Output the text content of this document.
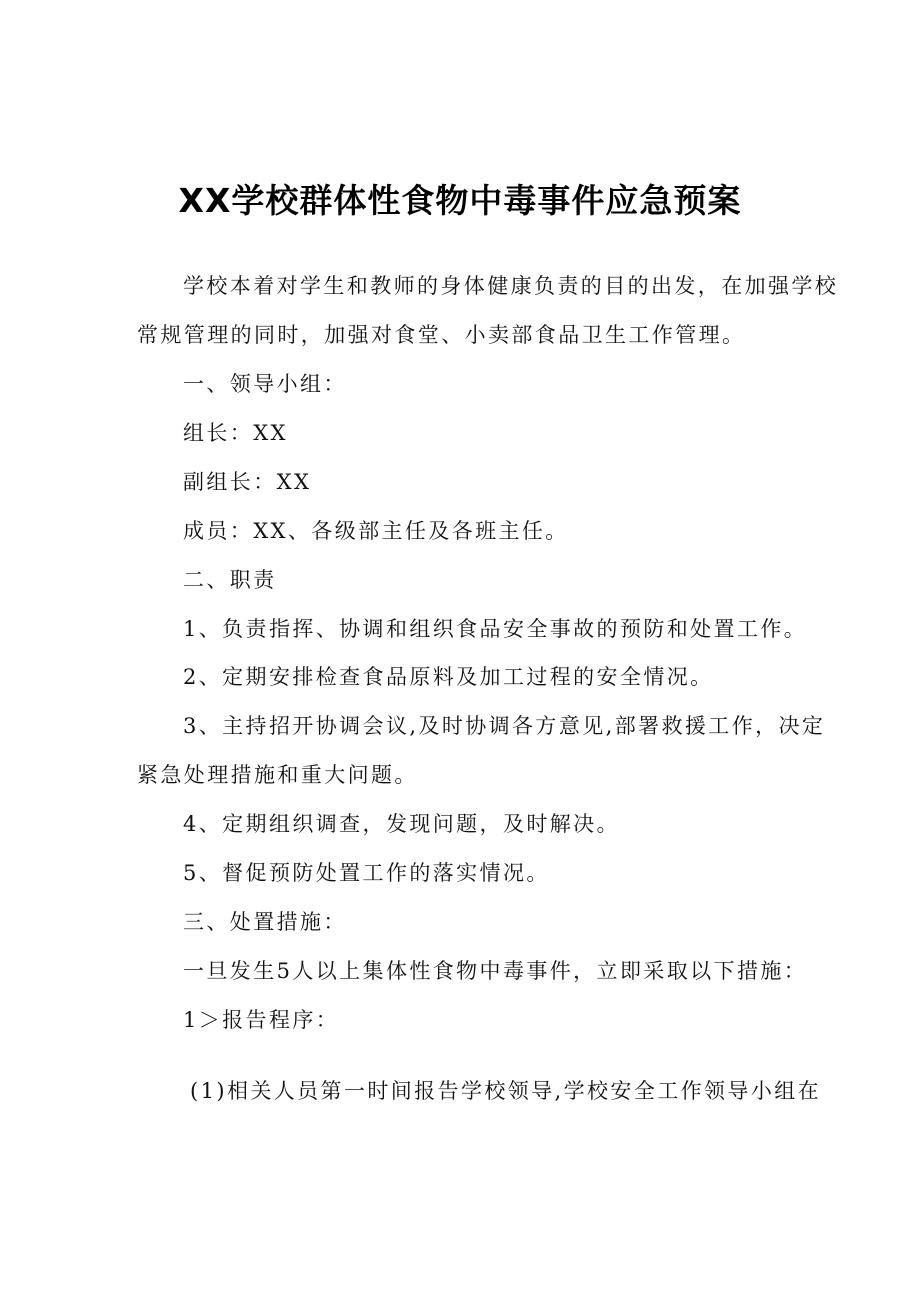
XX学校群体性食物中毒事件应急预案
学校本着对学生和教师的身体健康负责的目的出发，在加强学校
常规管理的同时，加强对食堂、小卖部食品卫生工作管理。
一、领导小组：
组长：XX
副组长：XX
成员：XX、各级部主任及各班主任。
二、职责
1、负责指挥、协调和组织食品安全事故的预防和处置工作。
2、定期安排检查食品原料及加工过程的安全情况。
3、主持招开协调会议,及时协调各方意见,部署救援工作，决定
紧急处理措施和重大问题。
4、定期组织调查，发现问题，及时解决。
5、督促预防处置工作的落实情况。
三、处置措施：
一旦发生5人以上集体性食物中毒事件，立即采取以下措施：
1＞报告程序：
(1)相关人员第一时间报告学校领导,学校安全工作领导小组在
